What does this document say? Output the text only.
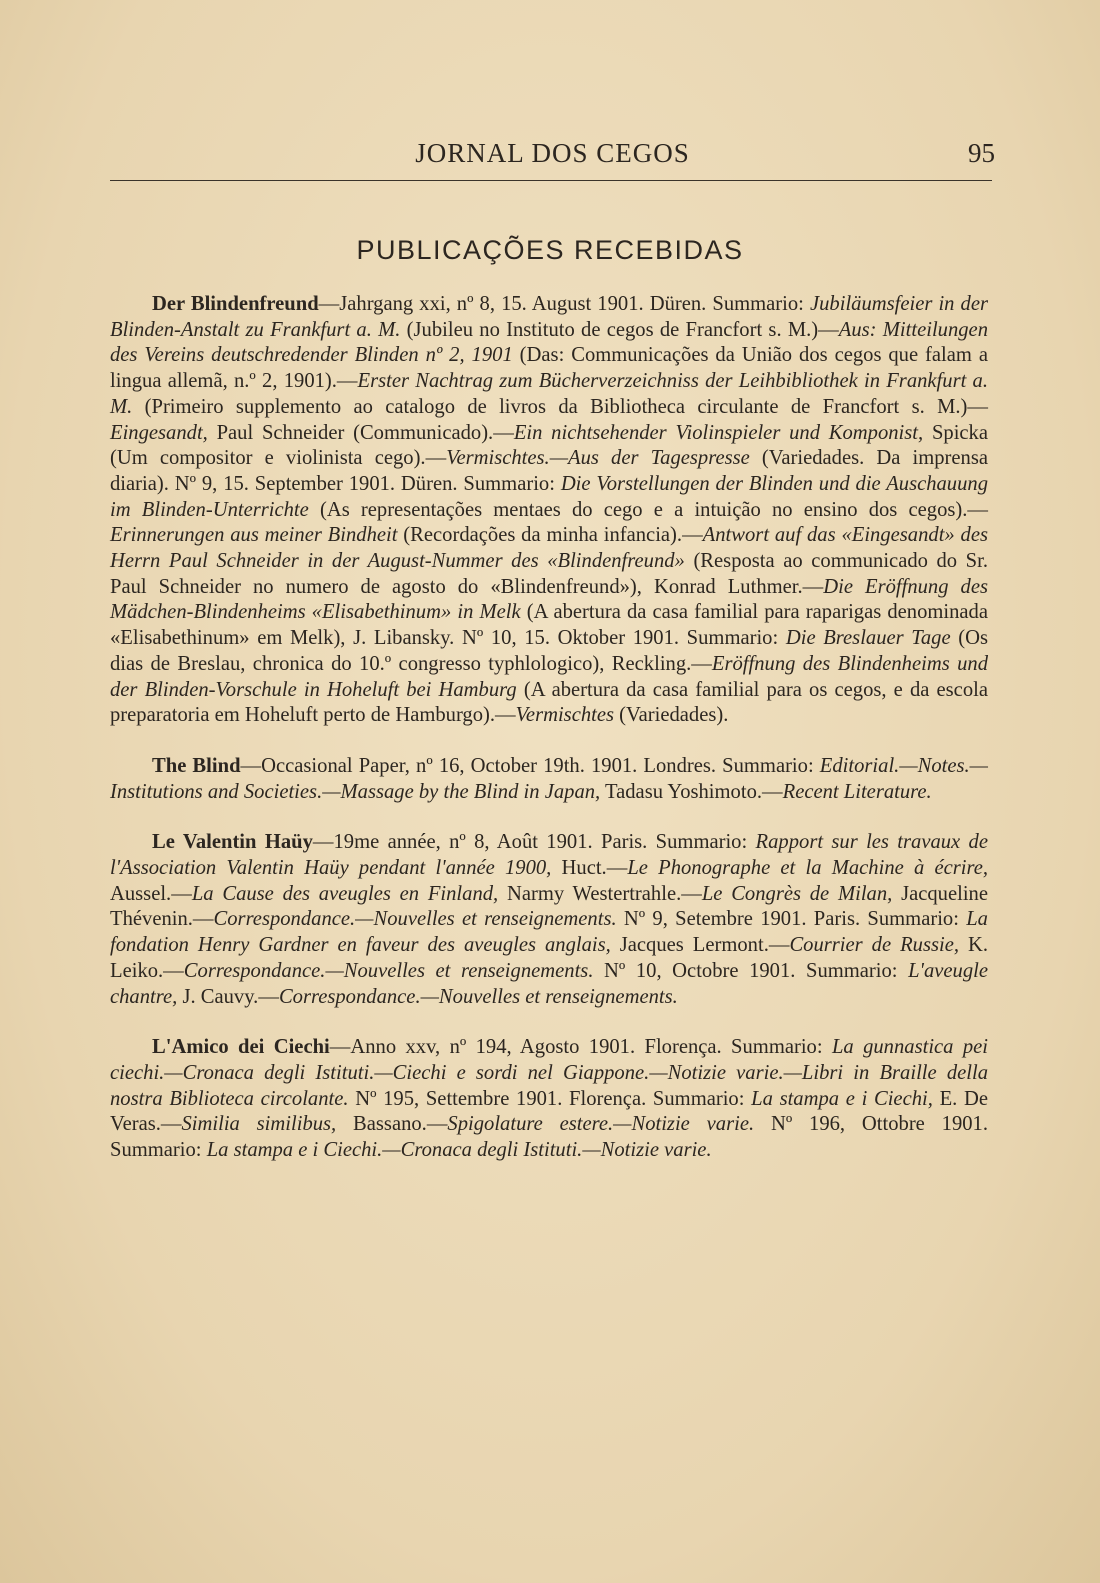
JORNAL DOS CEGOS	95
PUBLICAÇÕES RECEBIDAS

Der Blindenfreund—Jahrgang xxi, nº 8, 15. August 1901. Düren. Summario: Jubiläumsfeier in der Blinden-Anstalt zu Frankfurt a. M. (Jubileu no Instituto de cegos de Francfort s. M.)—Aus: Mitteilungen des Vereins deutschredender Blinden nº 2, 1901 (Das: Communicações da União dos cegos que falam a lingua allemã, n.º 2, 1901).—Erster Nachtrag zum Bücherverzeichniss der Leihbibliothek in Frankfurt a. M. (Primeiro supplemento ao catalogo de livros da Bibliotheca circulante de Francfort s. M.)—Eingesandt, Paul Schneider (Communicado).—Ein nichtsehender Violinspieler und Komponist, Spicka (Um compositor e violinista cego).—Vermischtes.—Aus der Tagespresse (Variedades. Da imprensa diaria). Nº 9, 15. September 1901. Düren. Summario: Die Vorstellungen der Blinden und die Auschauung im Blinden-Unterrichte (As representações mentaes do cego e a intuição no ensino dos cegos).—Erinnerungen aus meiner Bindheit (Recordações da minha infancia).—Antwort auf das «Eingesandt» des Herrn Paul Schneider in der August-Nummer des «Blindenfreund» (Resposta ao communicado do Sr. Paul Schneider no numero de agosto do «Blindenfreund»), Konrad Luthmer.—Die Eröffnung des Mädchen-Blindenheims «Elisabethinum» in Melk (A abertura da casa familial para raparigas denominada «Elisabethinum» em Melk), J. Libansky. Nº 10, 15. Oktober 1901. Summario: Die Breslauer Tage (Os dias de Breslau, chronica do 10.º congresso typhlologico), Reckling.—Eröffnung des Blindenheims und der Blinden-Vorschule in Hoheluft bei Hamburg (A abertura da casa familial para os cegos, e da escola preparatoria em Hoheluft perto de Hamburgo).—Vermischtes (Variedades).

The Blind—Occasional Paper, nº 16, October 19th. 1901. Londres. Summario: Editorial.—Notes.—Institutions and Societies.—Massage by the Blind in Japan, Tadasu Yoshimoto.—Recent Literature.

Le Valentin Haüy—19me année, nº 8, Août 1901. Paris. Summario: Rapport sur les travaux de l'Association Valentin Haüy pendant l'année 1900, Huct.—Le Phonographe et la Machine à écrire, Aussel.—La Cause des aveugles en Finland, Narmy Westertrahle.—Le Congrès de Milan, Jacqueline Thévenin.—Correspondance.—Nouvelles et renseignements. Nº 9, Setembre 1901. Paris. Summario: La fondation Henry Gardner en faveur des aveugles anglais, Jacques Lermont.—Courrier de Russie, K. Leiko.—Correspondance.—Nouvelles et renseignements. Nº 10, Octobre 1901. Summario: L'aveugle chantre, J. Cauvy.—Correspondance.—Nouvelles et renseignements.

L'Amico dei Ciechi—Anno xxv, nº 194, Agosto 1901. Florença. Summario: La gunnastica pei ciechi.—Cronaca degli Istituti.—Ciechi e sordi nel Giappone.—Notizie varie.—Libri in Braille della nostra Biblioteca circolante. Nº 195, Settembre 1901. Florença. Summario: La stampa e i Ciechi, E. De Veras.—Similia similibus, Bassano.—Spigolature estere.—Notizie varie. Nº 196, Ottobre 1901. Summario: La stampa e i Ciechi.—Cronaca degli Istituti.—Notizie varie.
